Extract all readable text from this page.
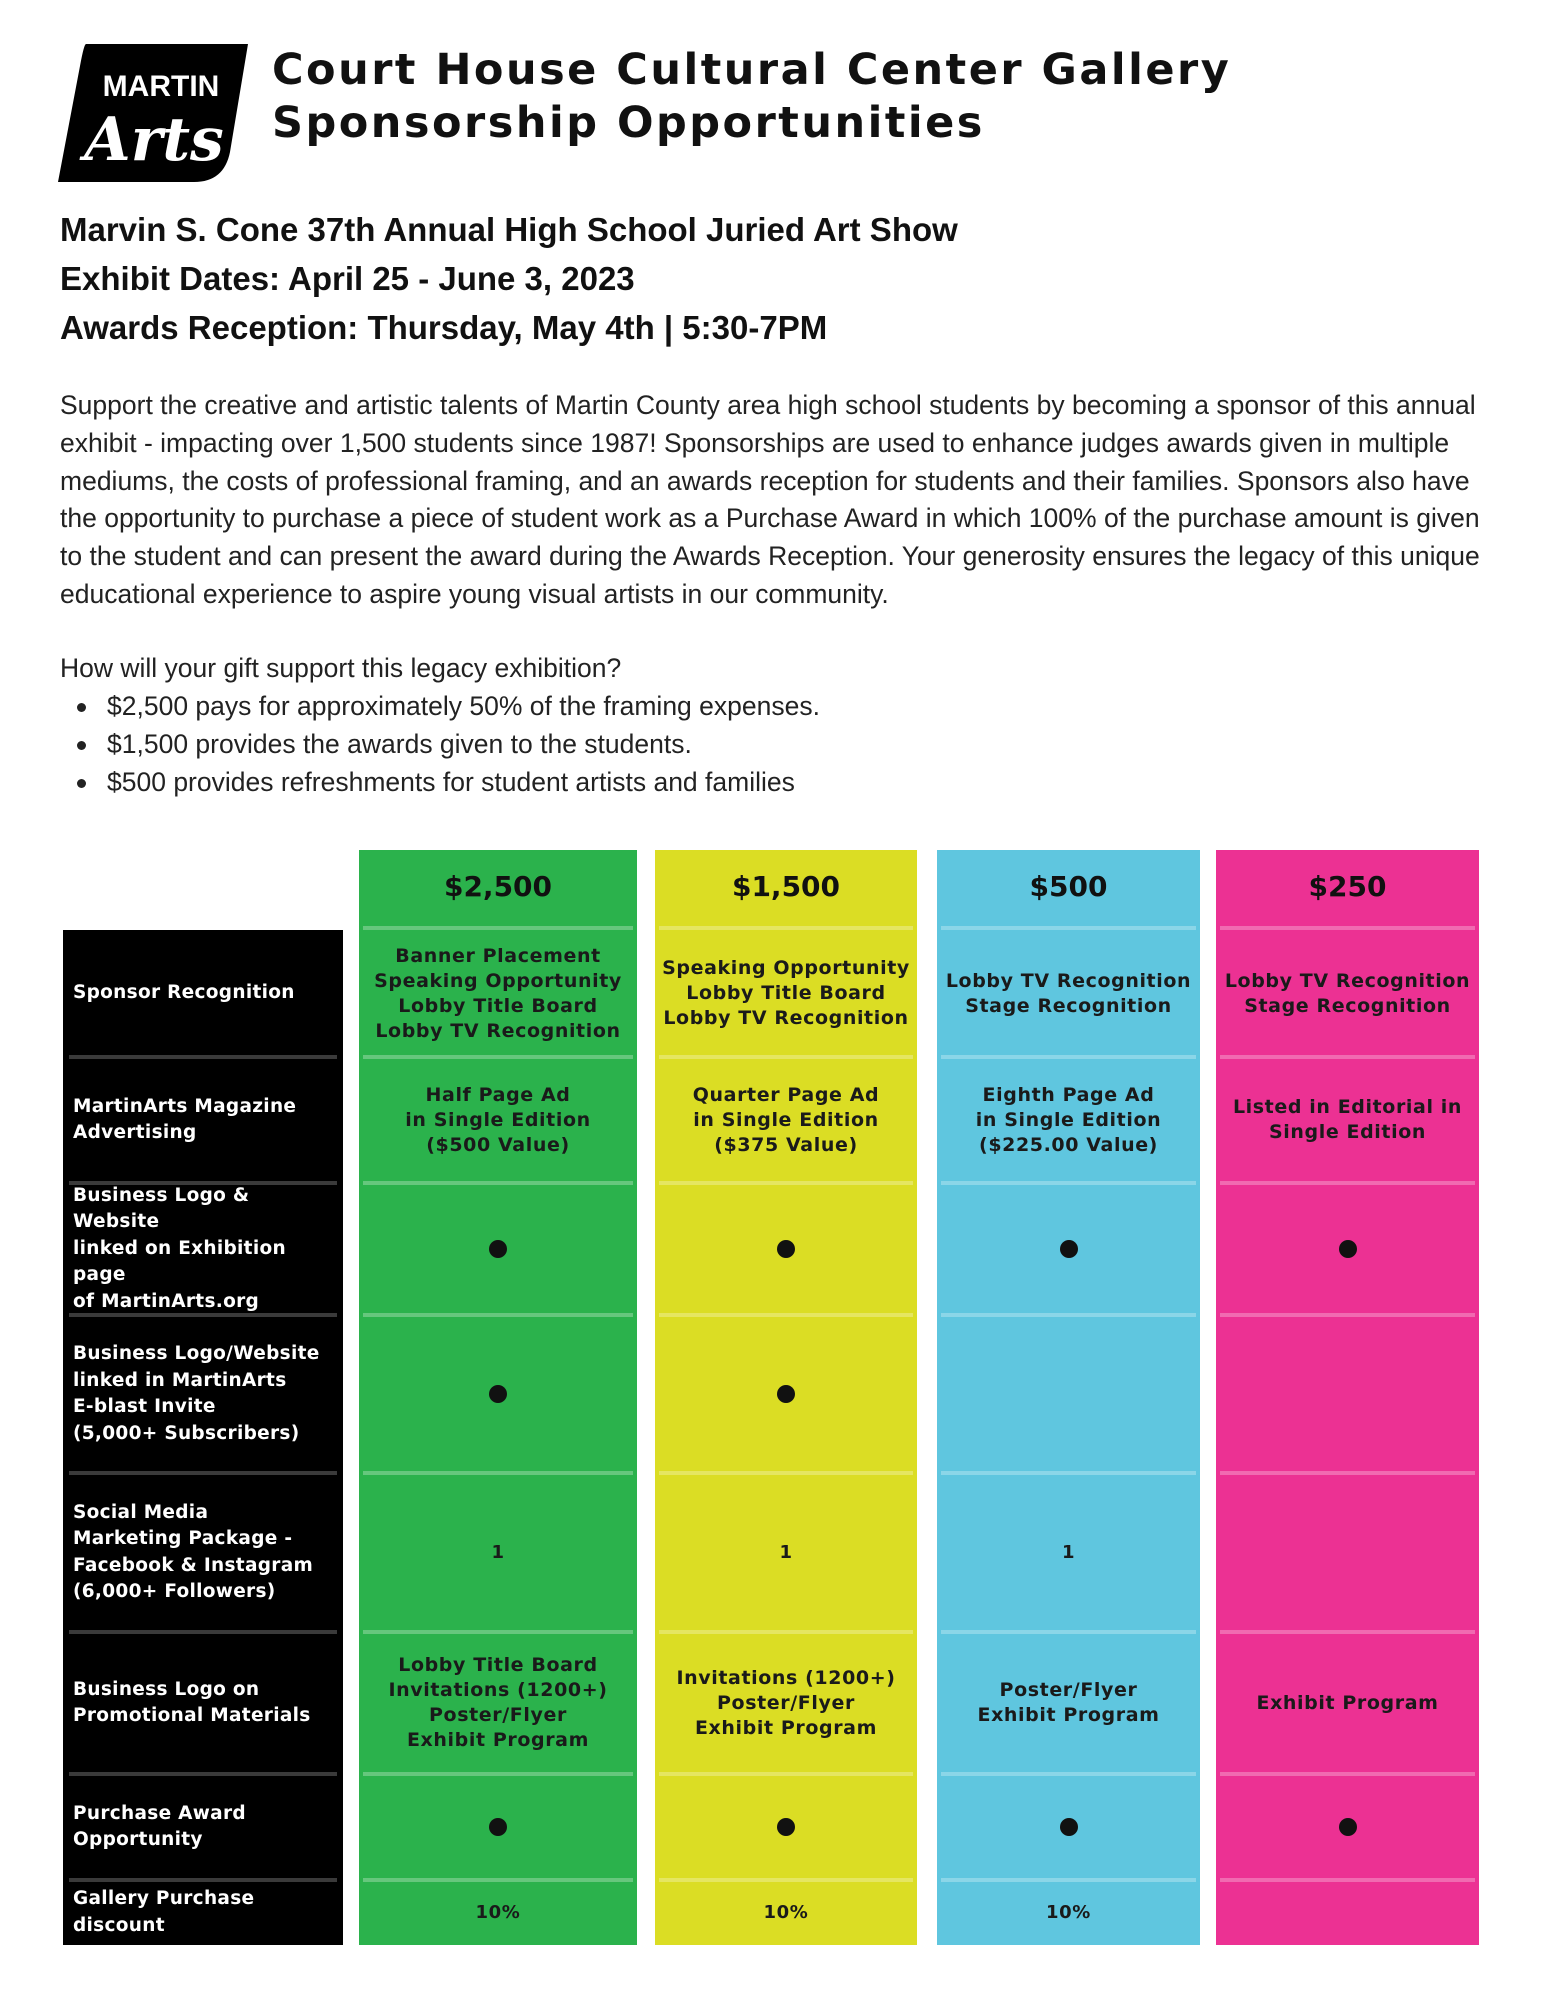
MARTIN
Arts
Court House Cultural Center Gallery
Sponsorship Opportunities
Marvin S. Cone 37th Annual High School Juried Art Show
Exhibit Dates: April 25 - June 3, 2023
Awards Reception: Thursday, May 4th | 5:30-7PM

Support the creative and artistic talents of Martin County area high school students by becoming a sponsor of this annual exhibit - impacting over 1,500 students since 1987! Sponsorships are used to enhance judges awards given in multiple mediums, the costs of professional framing, and an awards reception for students and their families. Sponsors also have the opportunity to purchase a piece of student work as a Purchase Award in which 100% of the purchase amount is given to the student and can present the award during the Awards Reception. Your generosity ensures the legacy of this unique educational experience to aspire young visual artists in our community.

How will your gift support this legacy exhibition?
$2,500 pays for approximately 50% of the framing expenses.
$1,500 provides the awards given to the students.
$500 provides refreshments for student artists and families
Sponsor Recognition
MartinArts Magazine
Advertising
Business Logo & Website
linked on Exhibition page
of MartinArts.org
Business Logo/Website
linked in MartinArts
E-blast Invite
(5,000+ Subscribers)
Social Media
Marketing Package -
Facebook & Instagram
(6,000+ Followers)
Business Logo on
Promotional Materials
Purchase Award
Opportunity
Gallery Purchase discount
$2,500
Banner Placement
Speaking Opportunity
Lobby Title Board
Lobby TV Recognition
Half Page Ad
in Single Edition
($500 Value)
1
Lobby Title Board
Invitations (1200+)
Poster/Flyer
Exhibit Program
10%
$1,500
Speaking Opportunity
Lobby Title Board
Lobby TV Recognition
Quarter Page Ad
in Single Edition
($375 Value)
1
Invitations (1200+)
Poster/Flyer
Exhibit Program
10%
$500
Lobby TV Recognition
Stage Recognition
Eighth Page Ad
in Single Edition
($225.00 Value)
1
Poster/Flyer
Exhibit Program
10%
$250
Lobby TV Recognition
Stage Recognition
Listed in Editorial in
Single Edition
Exhibit Program
